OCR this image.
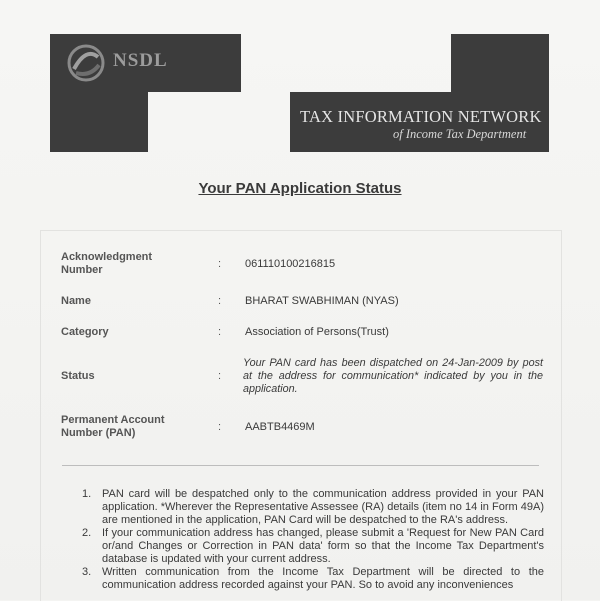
NSDL
TAX INFORMATION NETWORK
of Income Tax Department
Your PAN Application Status
Acknowledgment
Number	: 061110100216815
Name	: BHARAT SWABHIMAN (NYAS)
Category	: Association of Persons(Trust)
Status	:
Your PAN card has been dispatched on 24-Jan-2009 by post at the address for communication* indicated by you in the application.
Permanent Account
Number (PAN)	: AABTB4469M
1. PAN card will be despatched only to the communication address provided in your PAN application. *Wherever the Representative Assessee (RA) details (item no 14 in Form 49A) are mentioned in the application, PAN Card will be despatched to the RA's address.
2. If your communication address has changed, please submit a 'Request for New PAN Card or/and Changes or Correction in PAN data' form so that the Income Tax Department's database is updated with your current address.
3. Written communication from the Income Tax Department will be directed to the communication address recorded against your PAN. So to avoid any inconveniences
